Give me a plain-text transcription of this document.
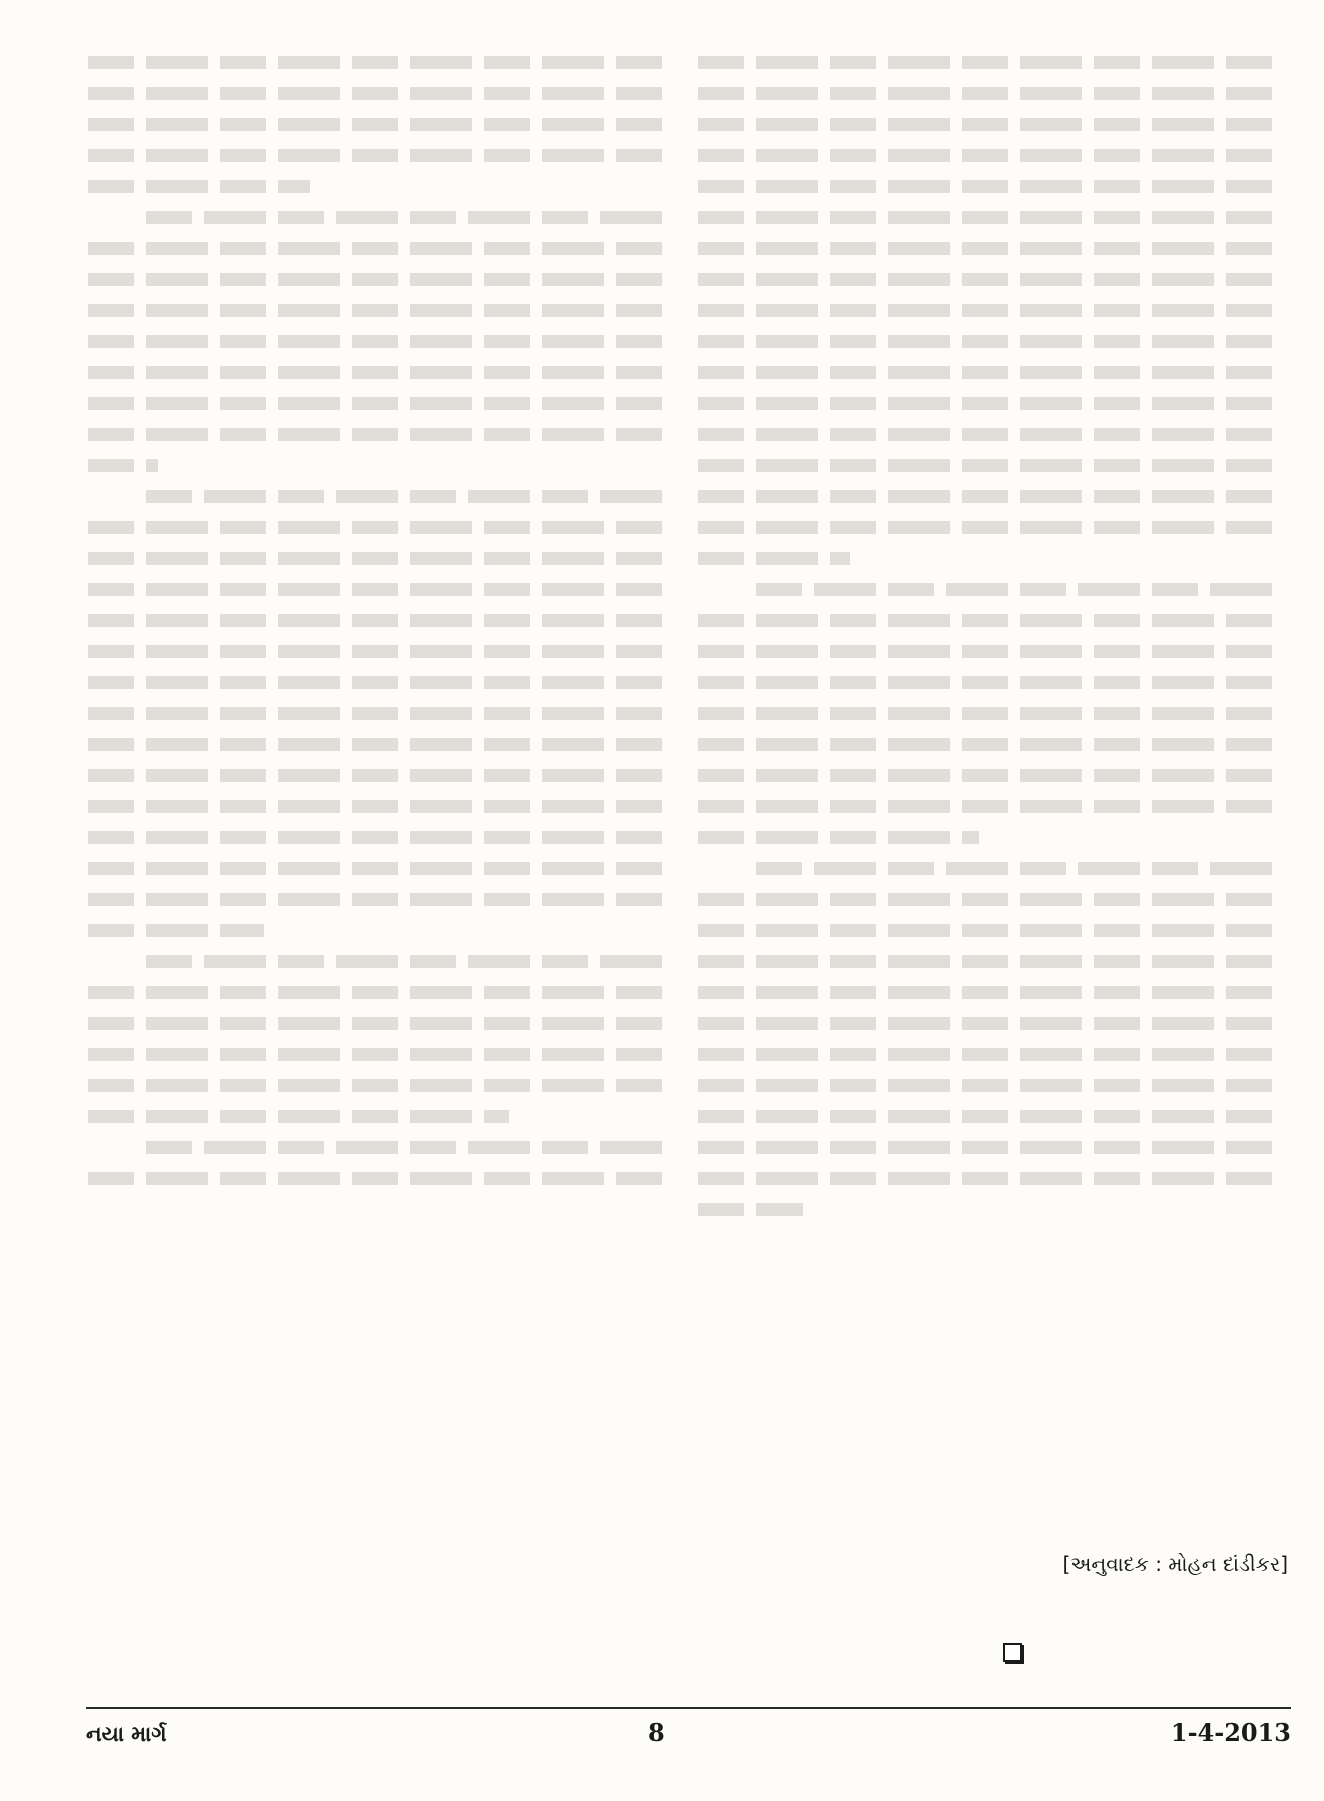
[અનુવાદક : મોહન દાંડીકર]
નયા માર્ગ	8	1-4-2013
